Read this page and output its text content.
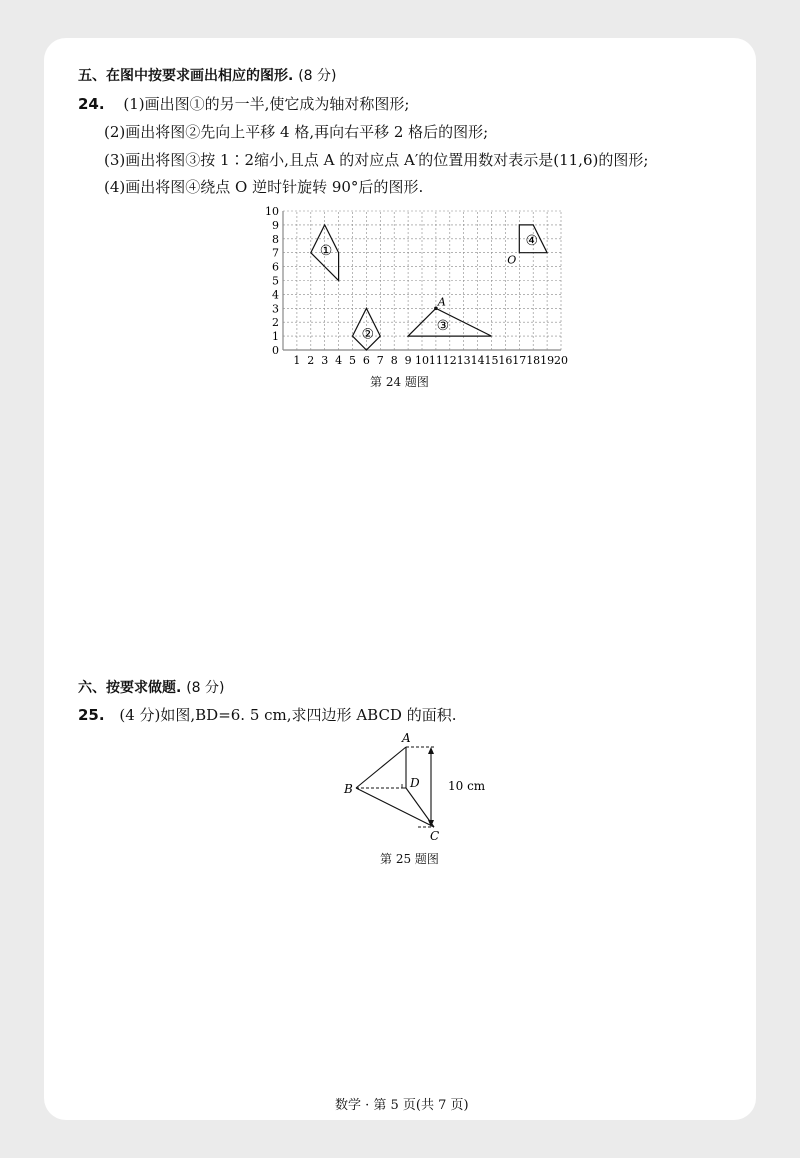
五、在图中按要求画出相应的图形. (8 分)
24. (1)画出图①的另一半,使它成为轴对称图形;
(2)画出将图②先向上平移 4 格,再向右平移 2 格后的图形;
(3)画出将图③按 1∶2缩小,且点 A 的对应点 A′的位置用数对表示是(11,6)的图形;
(4)画出将图④绕点 O 逆时针旋转 90°后的图形.
1 2 3 4 5 6 7 8 9 10 11 12 13 14 15 16 17 18 19 20
0
1
2
3
4
5
6
7
8
9
10
①
②
③
④
A
O
第 24 题图
六、按要求做题. (8 分)
25. (4 分)如图,BD=6. 5 cm,求四边形 ABCD 的面积.
A
B
C
D 10 cm
第 25 题图
数学 · 第 5 页(共 7 页)
